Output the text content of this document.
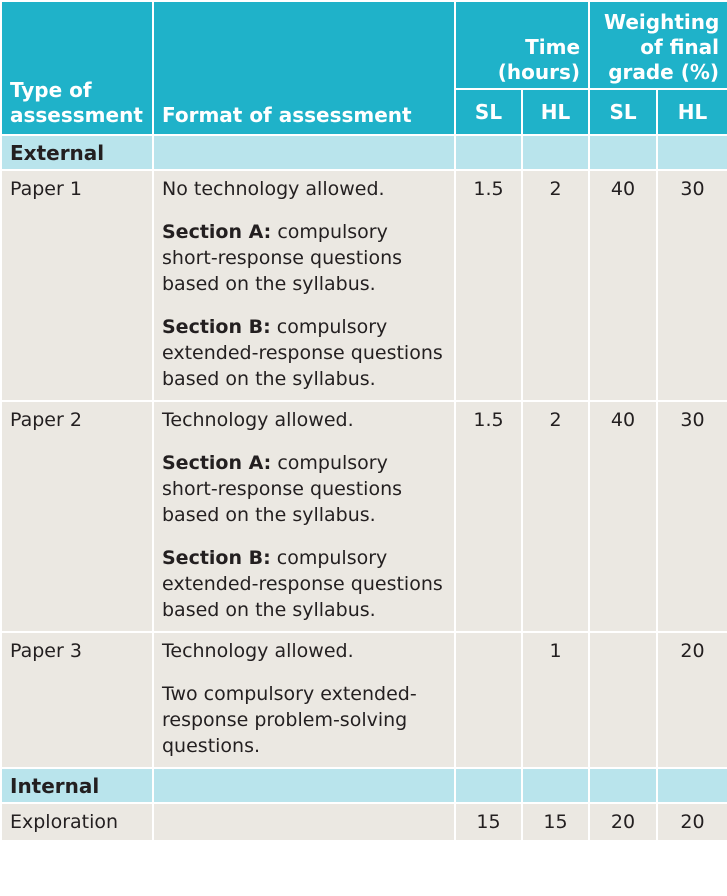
Type of assessment	Format of assessment	Time (hours)		Weighting of final grade (%)	
		SL	HL	SL	HL
External					
Paper 1	No technology allowed.

Section A: compulsory short-response questions based on the syllabus.

Section B: compulsory extended-response questions based on the syllabus.	1.5	2	40	30
Paper 2	Technology allowed.

Section A: compulsory short-response questions based on the syllabus.

Section B: compulsory extended-response questions based on the syllabus.	1.5	2	40	30
Paper 3	Technology allowed.

Two compulsory extended-response problem-solving questions.		1		20
Internal					
Exploration		15	15	20	20
